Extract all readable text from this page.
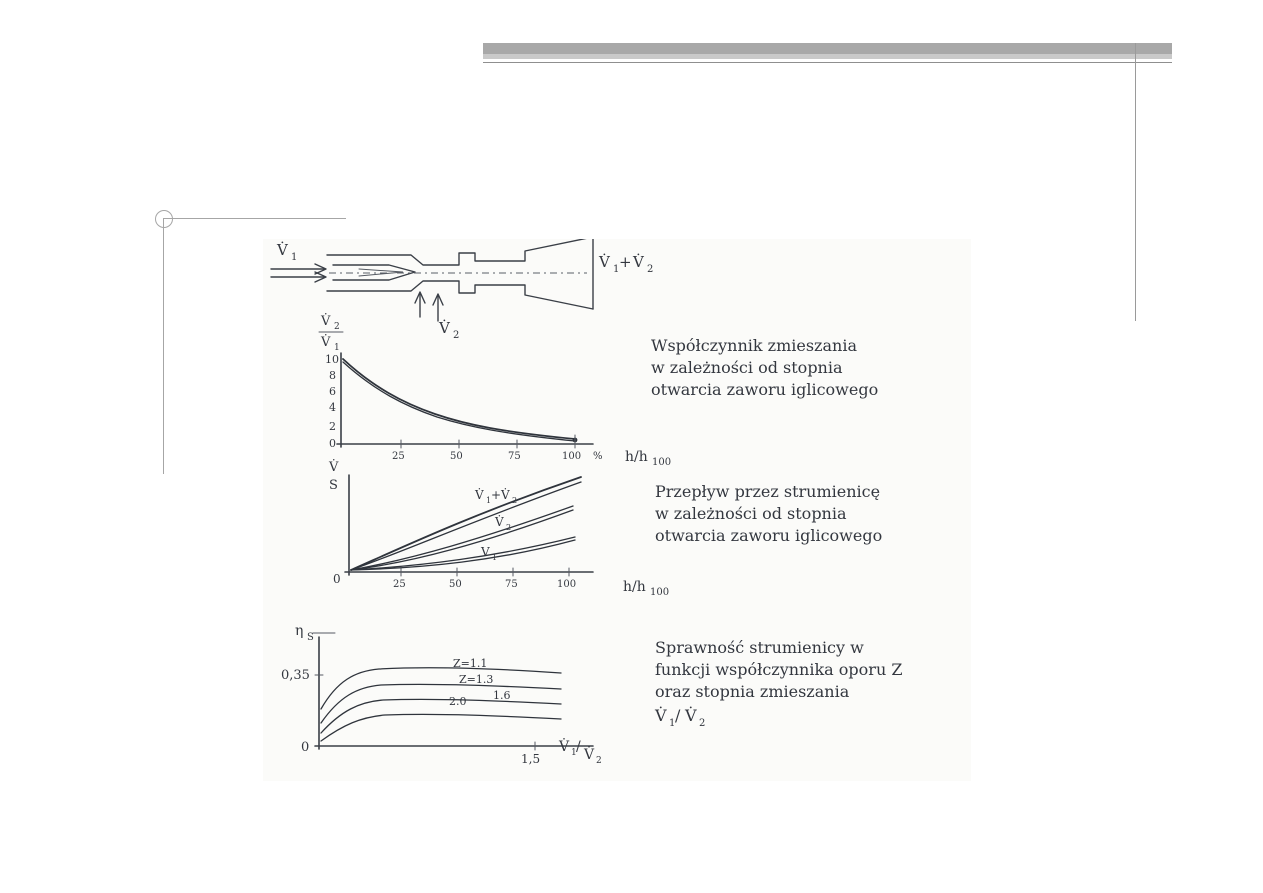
V̇ 1
V̇ 2
V̇ 1 + V̇ 2
10
8
6
4
2
0
V̇ 2
V̇ 1
25	50	75	100 % h/h 100
Współczynnik zmieszania
w zależności od stopnia
otwarcia zaworu iglicowego
V̇
S
0	25	50	75	100	h/h 100
V̇ 1 + V̇ 2
V̇ 2
V 1
Przepływ przez strumienicę
w zależności od stopnia
otwarcia zaworu iglicowego
η S
0,35
0
Z=1.1
Z=1.3
1.6
2.0
1,5
V̇ 1 / V̇ 2
Sprawność strumienicy w
funkcji współczynnika oporu Z
oraz stopnia zmieszania
V̇ 1 / V̇ 2
